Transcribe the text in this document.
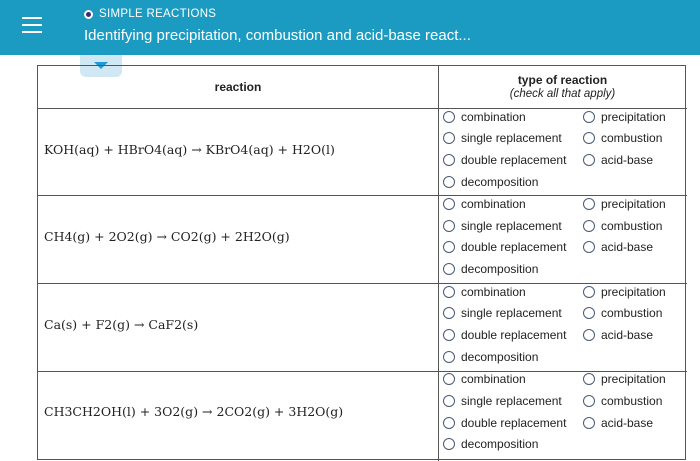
SIMPLE REACTIONS
Identifying precipitation, combustion and acid-base react...
reaction	type of reaction
(check all that apply)
KOH(aq) + HBrO4(aq) → KBrO4(aq) + H2O(l)
CH4(g) + 2O2(g) → CO2(g) + 2H2O(g)
Ca(s) + F2(g) → CaF2(s)
CH3CH2OH(l) + 3O2(g) → 2CO2(g) + 3H2O(g)
combination
single replacement
double replacement
decomposition
precipitation
combustion
acid-base
combination
single replacement
double replacement
decomposition
precipitation
combustion
acid-base
combination
single replacement
double replacement
decomposition
precipitation
combustion
acid-base
combination
single replacement
double replacement
decomposition
precipitation
combustion
acid-base
